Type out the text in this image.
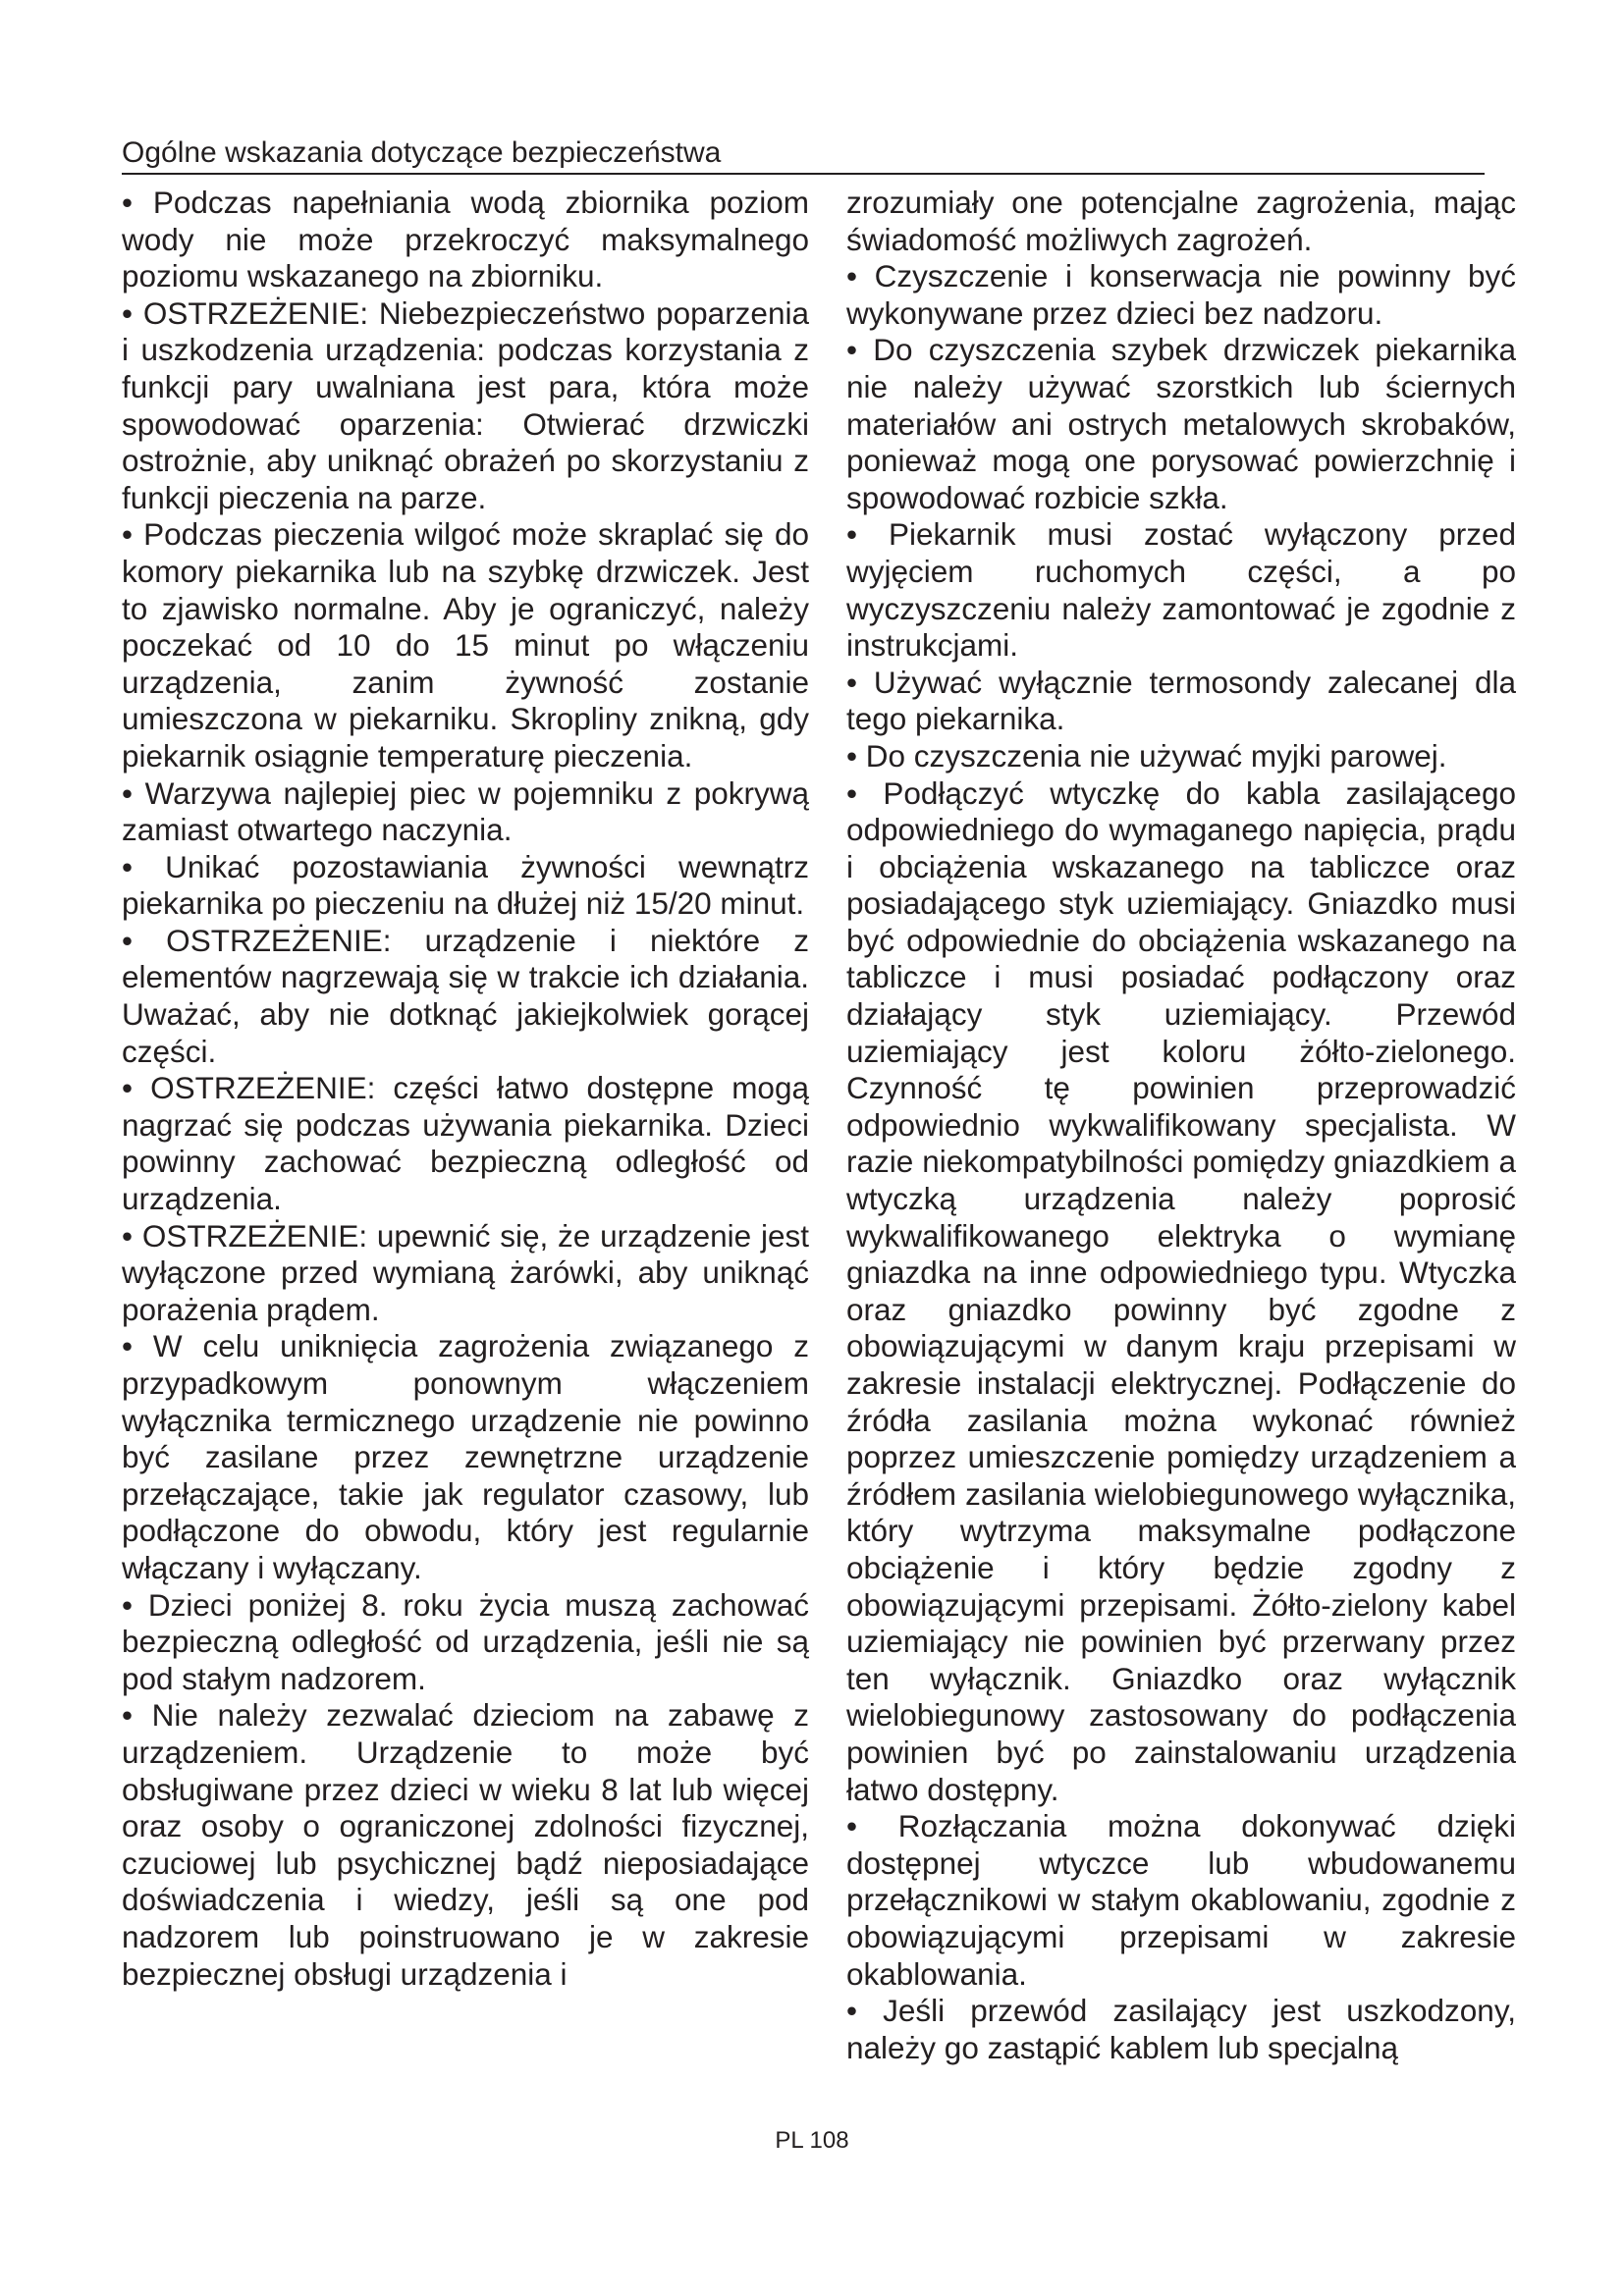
Ogólne wskazania dotyczące bezpieczeństwa

• Podczas napełniania wodą zbiornika poziom wody nie może przekroczyć maksymalnego poziomu wskazanego na zbiorniku.

• OSTRZEŻENIE: Niebezpieczeństwo poparzenia i uszkodzenia urządzenia: podczas korzystania z funkcji pary uwalniana jest para, która może spowodować oparzenia: Otwierać drzwiczki ostrożnie, aby uniknąć obrażeń po skorzystaniu z funkcji pieczenia na parze.

• Podczas pieczenia wilgoć może skraplać się do komory piekarnika lub na szybkę drzwiczek. Jest to zjawisko normalne. Aby je ograniczyć, należy poczekać od 10 do 15 minut po włączeniu urządzenia, zanim żywność zostanie umieszczona w piekarniku. Skropliny znikną, gdy piekarnik osiągnie temperaturę pieczenia.

• Warzywa najlepiej piec w pojemniku z pokrywą zamiast otwartego naczynia.

• Unikać pozostawiania żywności wewnątrz piekarnika po pieczeniu na dłużej niż 15/20 minut.

• OSTRZEŻENIE: urządzenie i niektóre z elementów nagrzewają się w trakcie ich działania. Uważać, aby nie dotknąć jakiejkolwiek gorącej części.

• OSTRZEŻENIE: części łatwo dostępne mogą nagrzać się podczas używania piekarnika. Dzieci powinny zachować bezpieczną odległość od urządzenia.

• OSTRZEŻENIE: upewnić się, że urządzenie jest wyłączone przed wymianą żarówki, aby uniknąć porażenia prądem.

• W celu uniknięcia zagrożenia związanego z przypadkowym ponownym włączeniem wyłącznika termicznego urządzenie nie powinno być zasilane przez zewnętrzne urządzenie przełączające, takie jak regulator czasowy, lub podłączone do obwodu, który jest regularnie włączany i wyłączany.

• Dzieci poniżej 8. roku życia muszą zachować bezpieczną odległość od urządzenia, jeśli nie są pod stałym nadzorem.

• Nie należy zezwalać dzieciom na zabawę z urządzeniem. Urządzenie to może być obsługiwane przez dzieci w wieku 8 lat lub więcej oraz osoby o ograniczonej zdolności fizycznej, czuciowej lub psychicznej bądź nieposiadające doświadczenia i wiedzy, jeśli są one pod nadzorem lub poinstruowano je w zakresie bezpiecznej obsługi urządzenia i

zrozumiały one potencjalne zagrożenia, mając świadomość możliwych zagrożeń.

• Czyszczenie i konserwacja nie powinny być wykonywane przez dzieci bez nadzoru.

• Do czyszczenia szybek drzwiczek piekarnika nie należy używać szorstkich lub ściernych materiałów ani ostrych metalowych skrobaków, ponieważ mogą one porysować powierzchnię i spowodować rozbicie szkła.

• Piekarnik musi zostać wyłączony przed wyjęciem ruchomych części, a po wyczyszczeniu należy zamontować je zgodnie z instrukcjami.

• Używać wyłącznie termosondy zalecanej dla tego piekarnika.

• Do czyszczenia nie używać myjki parowej.

• Podłączyć wtyczkę do kabla zasilającego odpowiedniego do wymaganego napięcia, prądu i obciążenia wskazanego na tabliczce oraz posiadającego styk uziemiający. Gniazdko musi być odpowiednie do obciążenia wskazanego na tabliczce i musi posiadać podłączony oraz działający styk uziemiający. Przewód uziemiający jest koloru żółto-zielonego. Czynność tę powinien przeprowadzić odpowiednio wykwalifikowany specjalista. W razie niekompatybilności pomiędzy gniazdkiem a wtyczką urządzenia należy poprosić wykwalifikowanego elektryka o wymianę gniazdka na inne odpowiedniego typu. Wtyczka oraz gniazdko powinny być zgodne z obowiązującymi w danym kraju przepisami w zakresie instalacji elektrycznej. Podłączenie do źródła zasilania można wykonać również poprzez umieszczenie pomiędzy urządzeniem a źródłem zasilania wielobiegunowego wyłącznika, który wytrzyma maksymalne podłączone obciążenie i który będzie zgodny z obowiązującymi przepisami. Żółto-zielony kabel uziemiający nie powinien być przerwany przez ten wyłącznik. Gniazdko oraz wyłącznik wielobiegunowy zastosowany do podłączenia powinien być po zainstalowaniu urządzenia łatwo dostępny.

• Rozłączania można dokonywać dzięki dostępnej wtyczce lub wbudowanemu przełącznikowi w stałym okablowaniu, zgodnie z obowiązującymi przepisami w zakresie okablowania.

• Jeśli przewód zasilający jest uszkodzony, należy go zastąpić kablem lub specjalną

PL 108
